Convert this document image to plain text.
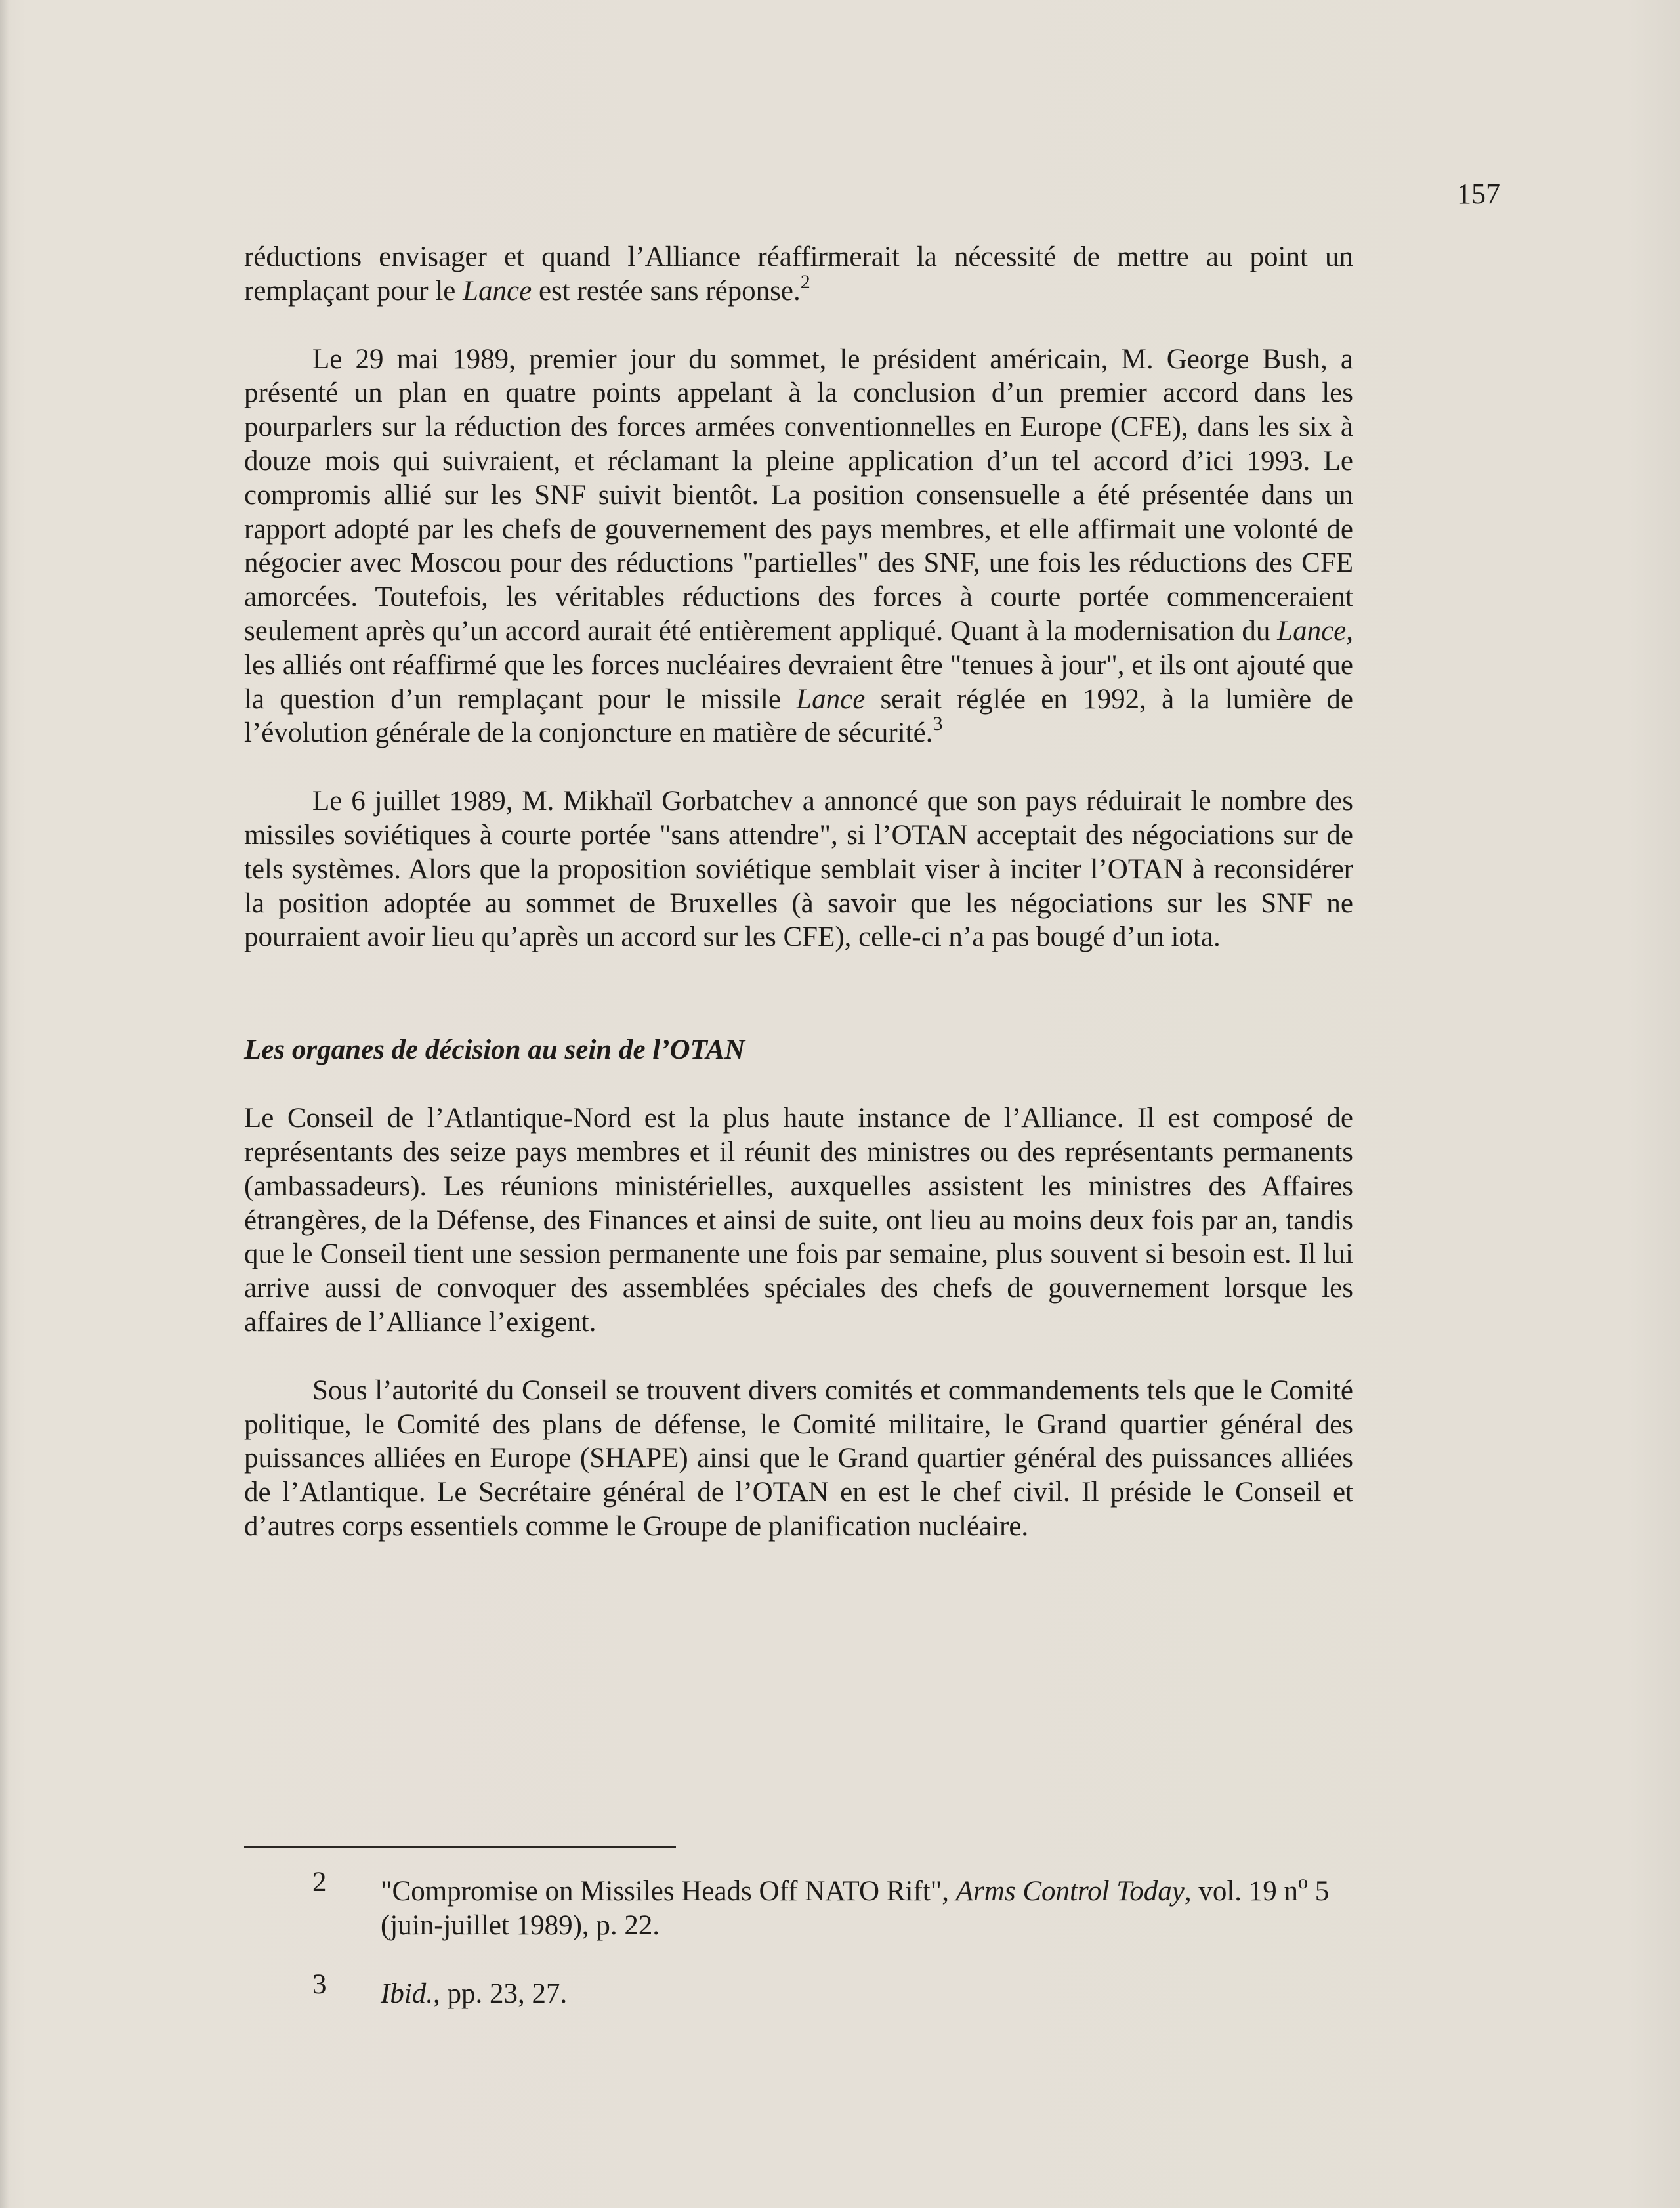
157

réductions envisager et quand l’Alliance réaffirmerait la nécessité de mettre au point un remplaçant pour le Lance est restée sans réponse.$^2$

Le 29 mai 1989, premier jour du sommet, le président américain, M. George Bush, a présenté un plan en quatre points appelant à la conclusion d’un premier accord dans les pourparlers sur la réduction des forces armées conventionnelles en Europe (CFE), dans les six à douze mois qui suivraient, et réclamant la pleine application d’un tel accord d’ici 1993. Le compromis allié sur les SNF suivit bientôt. La position consensuelle a été présentée dans un rapport adopté par les chefs de gouvernement des pays membres, et elle affirmait une volonté de négocier avec Moscou pour des réductions "partielles" des SNF, une fois les réductions des CFE amorcées. Toutefois, les véritables réductions des forces à courte portée commenceraient seulement après qu’un accord aurait été entièrement appliqué. Quant à la modernisation du Lance, les alliés ont réaffirmé que les forces nucléaires devraient être "tenues à jour", et ils ont ajouté que la question d’un remplaçant pour le missile Lance serait réglée en 1992, à la lumière de l’évolution générale de la conjoncture en matière de sécurité.$^3$

Le 6 juillet 1989, M. Mikhaïl Gorbatchev a annoncé que son pays réduirait le nombre des missiles soviétiques à courte portée "sans attendre", si l’OTAN acceptait des négociations sur de tels systèmes. Alors que la proposition soviétique semblait viser à inciter l’OTAN à reconsidérer la position adoptée au sommet de Bruxelles (à savoir que les négociations sur les SNF ne pourraient avoir lieu qu’après un accord sur les CFE), celle-ci n’a pas bougé d’un iota.

Les organes de décision au sein de l’OTAN

Le Conseil de l’Atlantique-Nord est la plus haute instance de l’Alliance. Il est composé de représentants des seize pays membres et il réunit des ministres ou des représentants permanents (ambassadeurs). Les réunions ministérielles, auxquelles assistent les ministres des Affaires étrangères, de la Défense, des Finances et ainsi de suite, ont lieu au moins deux fois par an, tandis que le Conseil tient une session permanente une fois par semaine, plus souvent si besoin est. Il lui arrive aussi de convoquer des assemblées spéciales des chefs de gouvernement lorsque les affaires de l’Alliance l’exigent.

Sous l’autorité du Conseil se trouvent divers comités et commandements tels que le Comité politique, le Comité des plans de défense, le Comité militaire, le Grand quartier général des puissances alliées en Europe (SHAPE) ainsi que le Grand quartier général des puissances alliées de l’Atlantique. Le Secrétaire général de l’OTAN en est le chef civil. Il préside le Conseil et d’autres corps essentiels comme le Groupe de planification nucléaire.

2 "Compromise on Missiles Heads Off NATO Rift", Arms Control Today, vol. 19 $n^o$ 5 (juin-juillet 1989), p. 22.
3 Ibid., pp. 23, 27.
